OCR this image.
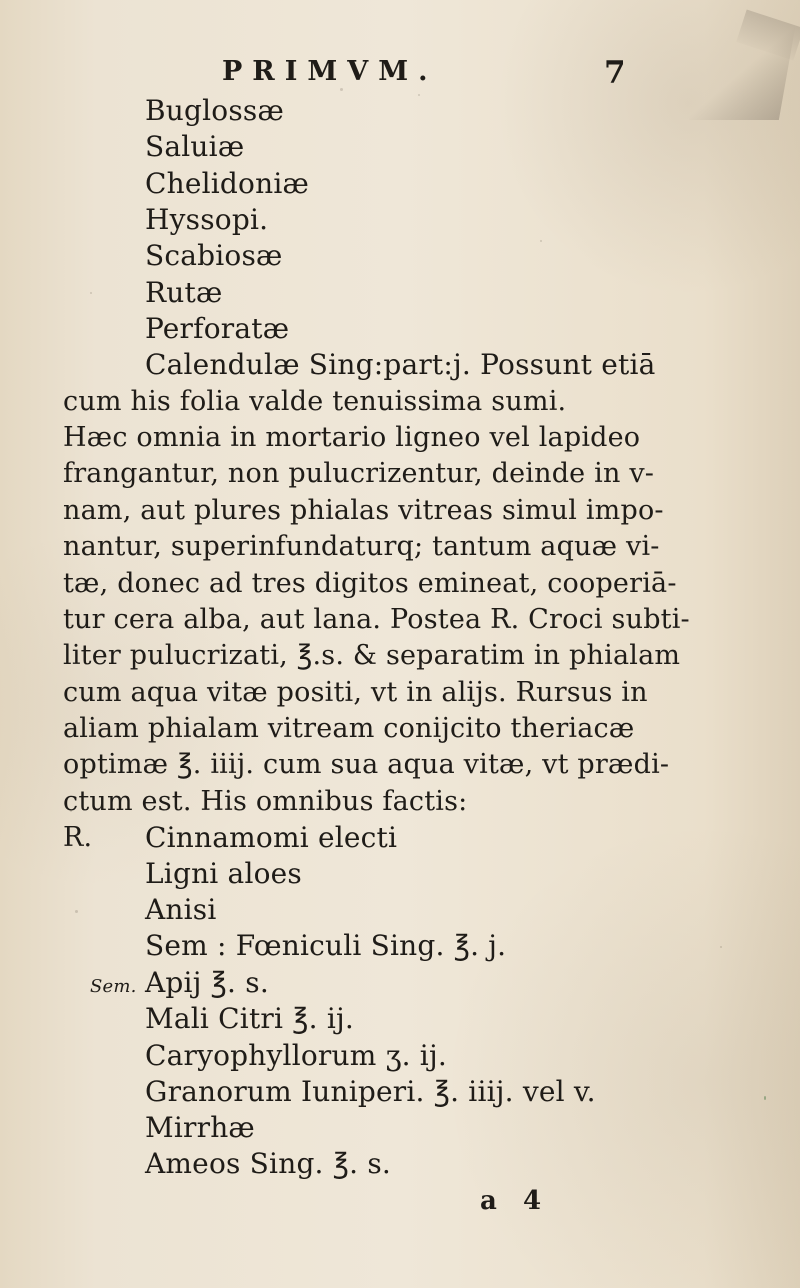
PRIMVM.	7
Buglossæ
Saluiæ
Chelidoniæ
Hyssopi.
Scabiosæ
Rutæ
Perforatæ
Calendulæ Sing:part:j. Possunt etiā
cum his folia valde tenuissima sumi.
Hæc omnia in mortario ligneo vel lapideo
frangantur, non pulucrizentur, deinde in v-
nam, aut plures phialas vitreas simul impo-
nantur, superinfundaturq; tantum aquæ vi-
tæ, donec ad tres digitos emineat, cooperiā-
tur cera alba, aut lana. Postea R. Croci subti-
liter pulucrizati, ℥.s. & separatim in phialam
cum aqua vitæ positi, vt in alijs. Rursus in
aliam phialam vitream conijcito theriacæ
optimæ ℥. iiij. cum sua aqua vitæ, vt prædi-
ctum est. His omnibus factis:
R. Cinnamomi electi
Ligni aloes
Anisi
Sem : Fœniculi Sing. ℥. j.
Sem. Apij ℥. s.
Mali Citri ℥. ij.
Caryophyllorum ʒ. ij.
Granorum Iuniperi. ℥. iiij. vel v.
Mirrhæ
Ameos Sing. ℥. s.
a 4
